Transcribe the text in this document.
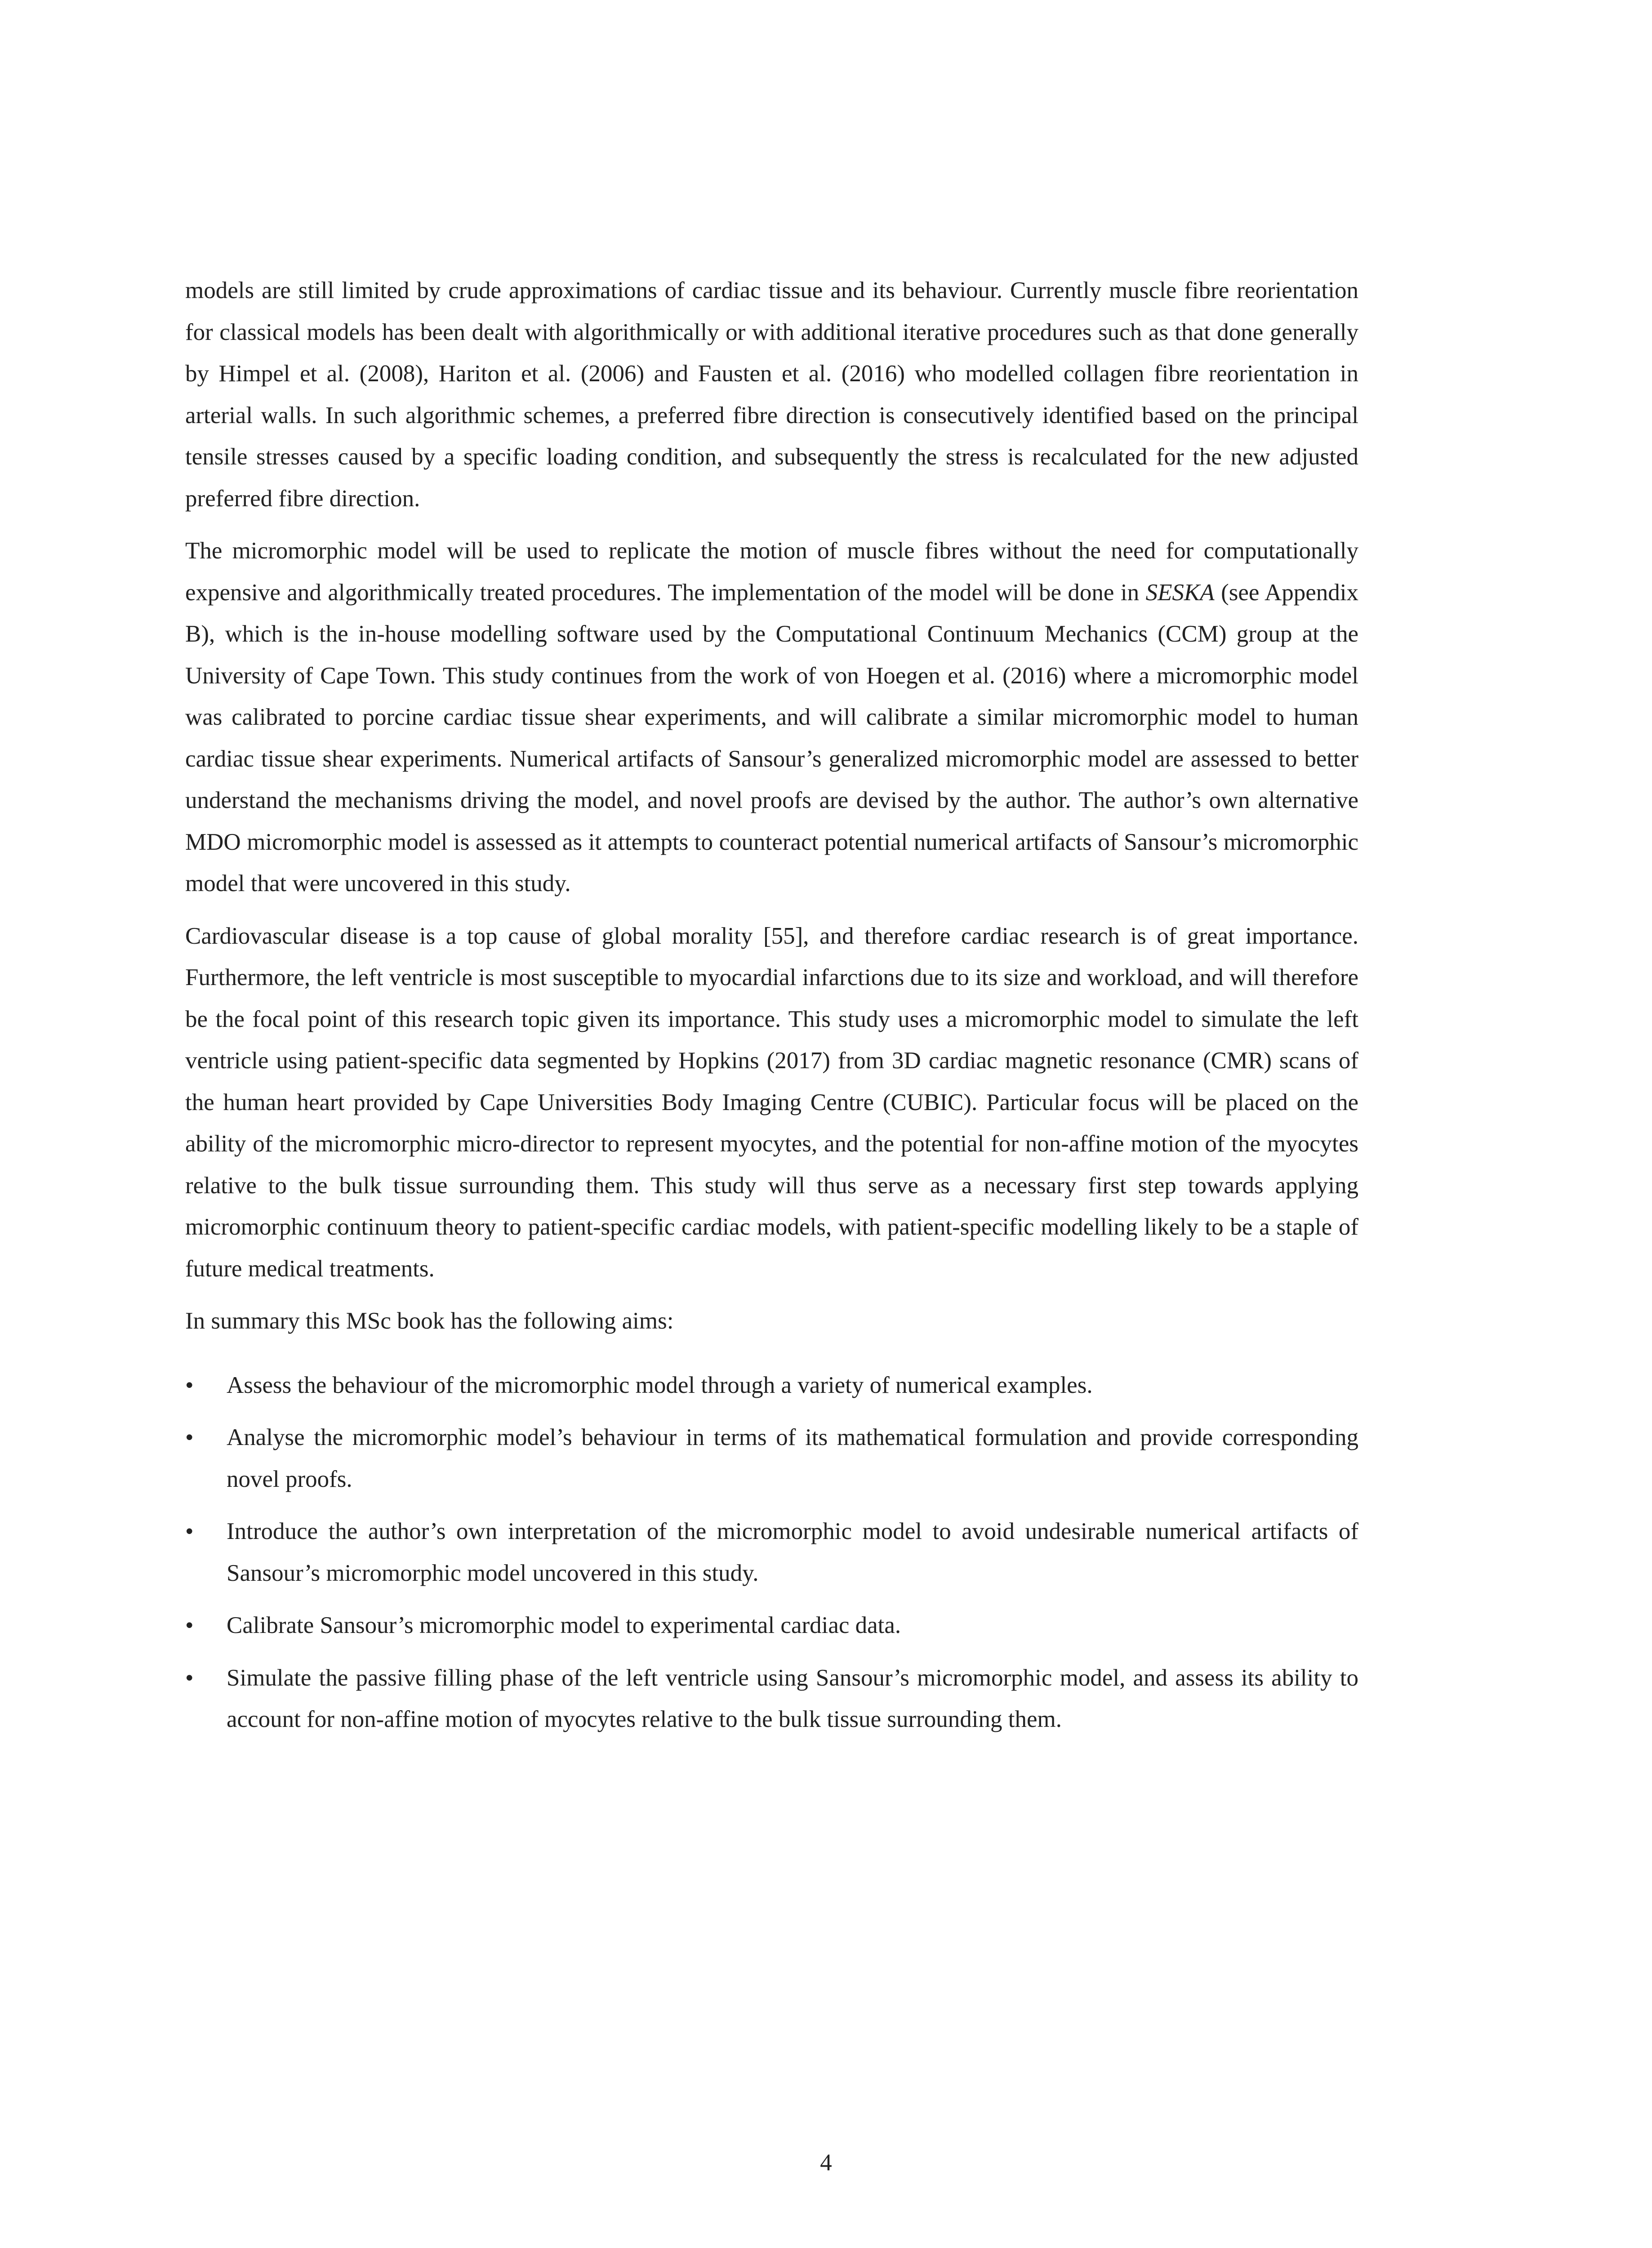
models are still limited by crude approximations of cardiac tissue and its behaviour. Currently muscle fibre reorientation for classical models has been dealt with algorithmically or with additional iterative procedures such as that done generally by Himpel et al. (2008), Hariton et al. (2006) and Fausten et al. (2016) who modelled collagen fibre reorientation in arterial walls. In such algorithmic schemes, a preferred fibre direction is consecutively identified based on the principal tensile stresses caused by a specific loading condition, and subsequently the stress is recalculated for the new adjusted preferred fibre direction.

The micromorphic model will be used to replicate the motion of muscle fibres without the need for computationally expensive and algorithmically treated procedures. The implementation of the model will be done in SESKA (see Appendix B), which is the in-house modelling software used by the Computational Continuum Mechanics (CCM) group at the University of Cape Town. This study continues from the work of von Hoegen et al. (2016) where a micromorphic model was calibrated to porcine cardiac tissue shear experiments, and will calibrate a similar micromorphic model to human cardiac tissue shear experiments. Numerical artifacts of Sansour’s generalized micromorphic model are assessed to better understand the mechanisms driving the model, and novel proofs are devised by the author. The author’s own alternative MDO micromorphic model is assessed as it attempts to counteract potential numerical artifacts of Sansour’s micromorphic model that were uncovered in this study.

Cardiovascular disease is a top cause of global morality [55], and therefore cardiac research is of great importance. Furthermore, the left ventricle is most susceptible to myocardial infarctions due to its size and workload, and will therefore be the focal point of this research topic given its importance. This study uses a micromorphic model to simulate the left ventricle using patient-specific data segmented by Hopkins (2017) from 3D cardiac magnetic resonance (CMR) scans of the human heart provided by Cape Universities Body Imaging Centre (CUBIC). Particular focus will be placed on the ability of the micromorphic micro-director to represent myocytes, and the potential for non-affine motion of the myocytes relative to the bulk tissue surrounding them. This study will thus serve as a necessary first step towards applying micromorphic continuum theory to patient-specific cardiac models, with patient-specific modelling likely to be a staple of future medical treatments.

In summary this MSc book has the following aims:

•	Assess the behaviour of the micromorphic model through a variety of numerical examples.
•	Analyse the micromorphic model’s behaviour in terms of its mathematical formulation and provide corresponding novel proofs.
•	Introduce the author’s own interpretation of the micromorphic model to avoid undesirable numerical artifacts of Sansour’s micromorphic model uncovered in this study.
•	Calibrate Sansour’s micromorphic model to experimental cardiac data.
•	Simulate the passive filling phase of the left ventricle using Sansour’s micromorphic model, and assess its ability to account for non-affine motion of myocytes relative to the bulk tissue surrounding them.
4
